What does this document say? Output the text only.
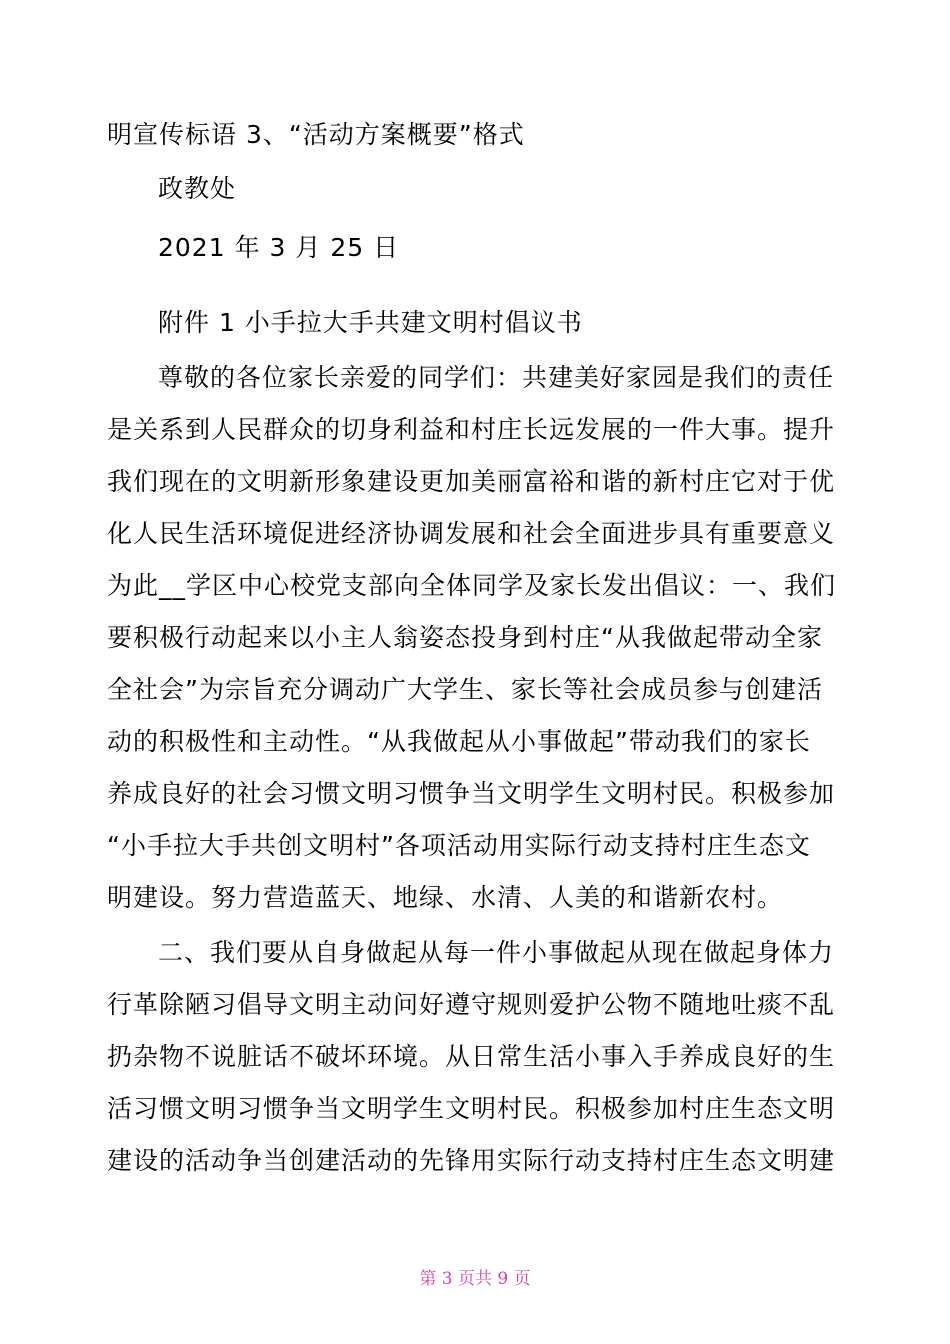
明宣传标语 3、“活动方案概要”格式
政教处
2021 年 3 月 25 日
附件 1 小手拉大手共建文明村倡议书
尊敬的各位家长亲爱的同学们：共建美好家园是我们的责任
是关系到人民群众的切身利益和村庄长远发展的一件大事。提升
我们现在的文明新形象建设更加美丽富裕和谐的新村庄它对于优
化人民生活环境促进经济协调发展和社会全面进步具有重要意义
为此__学区中心校党支部向全体同学及家长发出倡议：一、我们
要积极行动起来以小主人翁姿态投身到村庄“从我做起带动全家
全社会”为宗旨充分调动广大学生、家长等社会成员参与创建活
动的积极性和主动性。“从我做起从小事做起”带动我们的家长
养成良好的社会习惯文明习惯争当文明学生文明村民。积极参加
“小手拉大手共创文明村”各项活动用实际行动支持村庄生态文
明建设。努力营造蓝天、地绿、水清、人美的和谐新农村。
二、我们要从自身做起从每一件小事做起从现在做起身体力
行革除陋习倡导文明主动问好遵守规则爱护公物不随地吐痰不乱
扔杂物不说脏话不破坏环境。从日常生活小事入手养成良好的生
活习惯文明习惯争当文明学生文明村民。积极参加村庄生态文明
建设的活动争当创建活动的先锋用实际行动支持村庄生态文明建
第 3 页共 9 页
